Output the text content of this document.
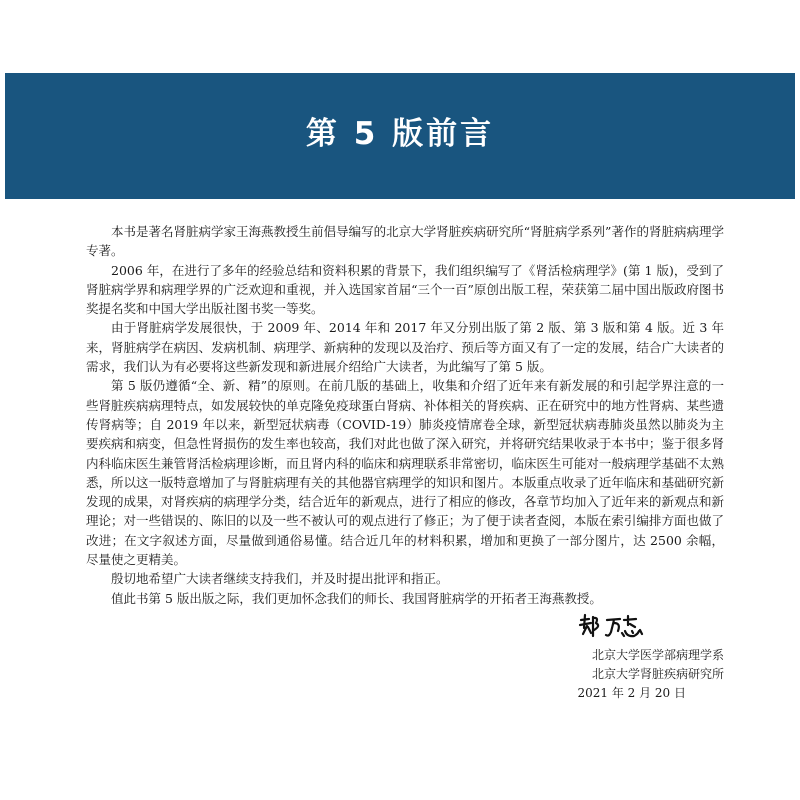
第 5 版前言

本书是著名肾脏病学家王海燕教授生前倡导编写的北京大学肾脏疾病研究所“肾脏病学系列”著作的肾脏病病理学专著。

2006 年，在进行了多年的经验总结和资料积累的背景下，我们组织编写了《肾活检病理学》(第 1 版)，受到了肾脏病学界和病理学界的广泛欢迎和重视，并入选国家首届“三个一百”原创出版工程，荣获第二届中国出版政府图书奖提名奖和中国大学出版社图书奖一等奖。

由于肾脏病学发展很快，于 2009 年、2014 年和 2017 年又分别出版了第 2 版、第 3 版和第 4 版。近 3 年来，肾脏病学在病因、发病机制、病理学、新病种的发现以及治疗、预后等方面又有了一定的发展，结合广大读者的需求，我们认为有必要将这些新发现和新进展介绍给广大读者，为此编写了第 5 版。

第 5 版仍遵循“全、新、精”的原则。在前几版的基础上，收集和介绍了近年来有新发展的和引起学界注意的一些肾脏疾病病理特点，如发展较快的单克隆免疫球蛋白肾病、补体相关的肾疾病、正在研究中的地方性肾病、某些遗传肾病等；自 2019 年以来，新型冠状病毒（COVID-19）肺炎疫情席卷全球，新型冠状病毒肺炎虽然以肺炎为主要疾病和病变，但急性肾损伤的发生率也较高，我们对此也做了深入研究，并将研究结果收录于本书中；鉴于很多肾内科临床医生兼管肾活检病理诊断，而且肾内科的临床和病理联系非常密切，临床医生可能对一般病理学基础不太熟悉，所以这一版特意增加了与肾脏病理有关的其他器官病理学的知识和图片。本版重点收录了近年临床和基础研究新发现的成果，对肾疾病的病理学分类，结合近年的新观点，进行了相应的修改，各章节均加入了近年来的新观点和新理论；对一些错误的、陈旧的以及一些不被认可的观点进行了修正；为了便于读者查阅，本版在索引编排方面也做了改进；在文字叙述方面，尽量做到通俗易懂。结合近几年的材料积累，增加和更换了一部分图片，达 2500 余幅，尽量使之更精美。

殷切地希望广大读者继续支持我们，并及时提出批评和指正。

值此书第 5 版出版之际，我们更加怀念我们的师长、我国肾脏病学的开拓者王海燕教授。

北京大学医学部病理学系
北京大学肾脏疾病研究所
2021 年 2 月 20 日
